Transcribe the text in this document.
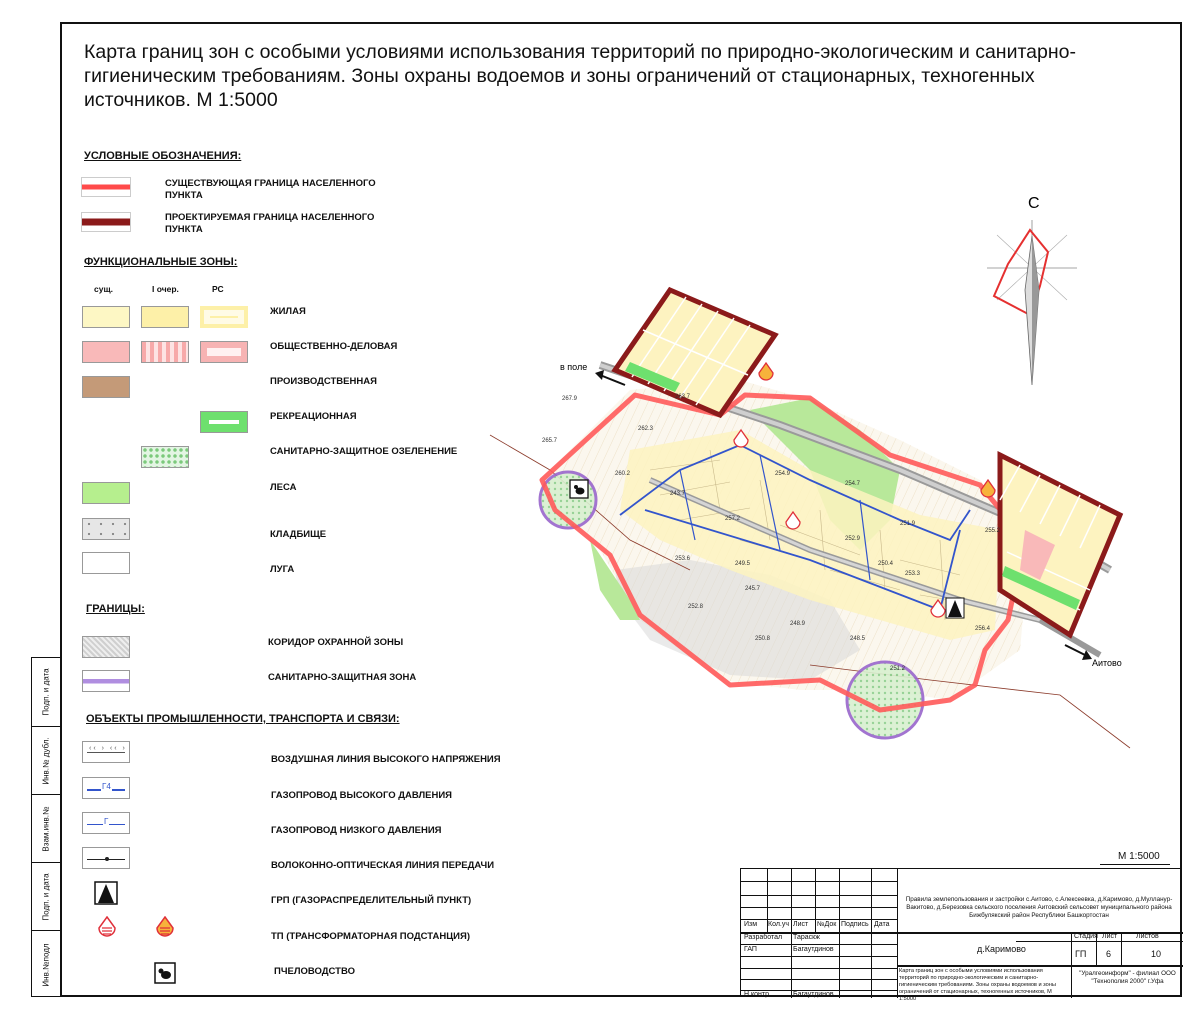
Подп. и дата
Инв.№ дубл.
Взам.инв.№
Подп. и дата
Инв.№подл
Карта границ зон с особыми условиями использования территорий по природно-экологическим и санитарно-гигиеническим требованиям. Зоны охраны водоемов и зоны ограничений от стационарных, техногенных источников. М 1:5000
УСЛОВНЫЕ ОБОЗНАЧЕНИЯ:
СУЩЕСТВУЮЩАЯ ГРАНИЦА НАСЕЛЕННОГО ПУНКТА
ПРОЕКТИРУЕМАЯ ГРАНИЦА НАСЕЛЕННОГО ПУНКТА
ФУНКЦИОНАЛЬНЫЕ ЗОНЫ:
сущ.	I очер.	РС
ЖИЛАЯ
ОБЩЕСТВЕННО-ДЕЛОВАЯ
ПРОИЗВОДСТВЕННАЯ
РЕКРЕАЦИОННАЯ
САНИТАРНО-ЗАЩИТНОЕ ОЗЕЛЕНЕНИЕ
ЛЕСА
КЛАДБИЩЕ
ЛУГА
ГРАНИЦЫ:
КОРИДОР ОХРАННОЙ ЗОНЫ
САНИТАРНО-ЗАЩИТНАЯ ЗОНА
ОБЪЕКТЫ ПРОМЫШЛЕННОСТИ, ТРАНСПОРТА И СВЯЗИ:
‹‹ › ‹‹ ›
ВОЗДУШНАЯ ЛИНИЯ ВЫСОКОГО НАПРЯЖЕНИЯ
Г4
ГАЗОПРОВОД ВЫСОКОГО ДАВЛЕНИЯ
Г
ГАЗОПРОВОД НИЗКОГО ДАВЛЕНИЯ
ВОЛОКОННО-ОПТИЧЕСКАЯ ЛИНИЯ ПЕРЕДАЧИ
ГРП (ГАЗОРАСПРЕДЕЛИТЕЛЬНЫЙ ПУНКТ)
ТП (ТРАНСФОРМАТОРНАЯ ПОДСТАНЦИЯ)
ПЧЕЛОВОДСТВО
С
в поле
Аитово
263.7
262.3
260.2
257.2
253.6
250.8
248.9
254.9
251.9
252.9
250.4
253.3
255.2
256.4
249.5
245.7
248.5
252.8
265.7
267.9
254.7
243.7
251.2
М 1:5000
Изм Кол.уч Лист №Док Подпись Дата
Разработал Тараскж
ГАП	Багаутдинов
Н.контр	Багаутдинов
Правила землепользования и застройки с.Аитово, с.Алексеевка, д.Каримово, д.Муллануp-Вакитово, д.Березовка сельского поселения Аитовский сельсовет муниципального района Бижбулякский район Республики Башкортостан
д.Каримово
Стадия Лист	Листов
ГП 6	10
Карта границ зон с особыми условиями использования территорий по природно-экологическим и санитарно-гигиеническим требованиям. Зоны охраны водоемов и зоны ограничений от стационарных, техногенных источников, М 1:5000
"Уралгеоинформ" - филиал ООО "Технополия 2000" г.Уфа
